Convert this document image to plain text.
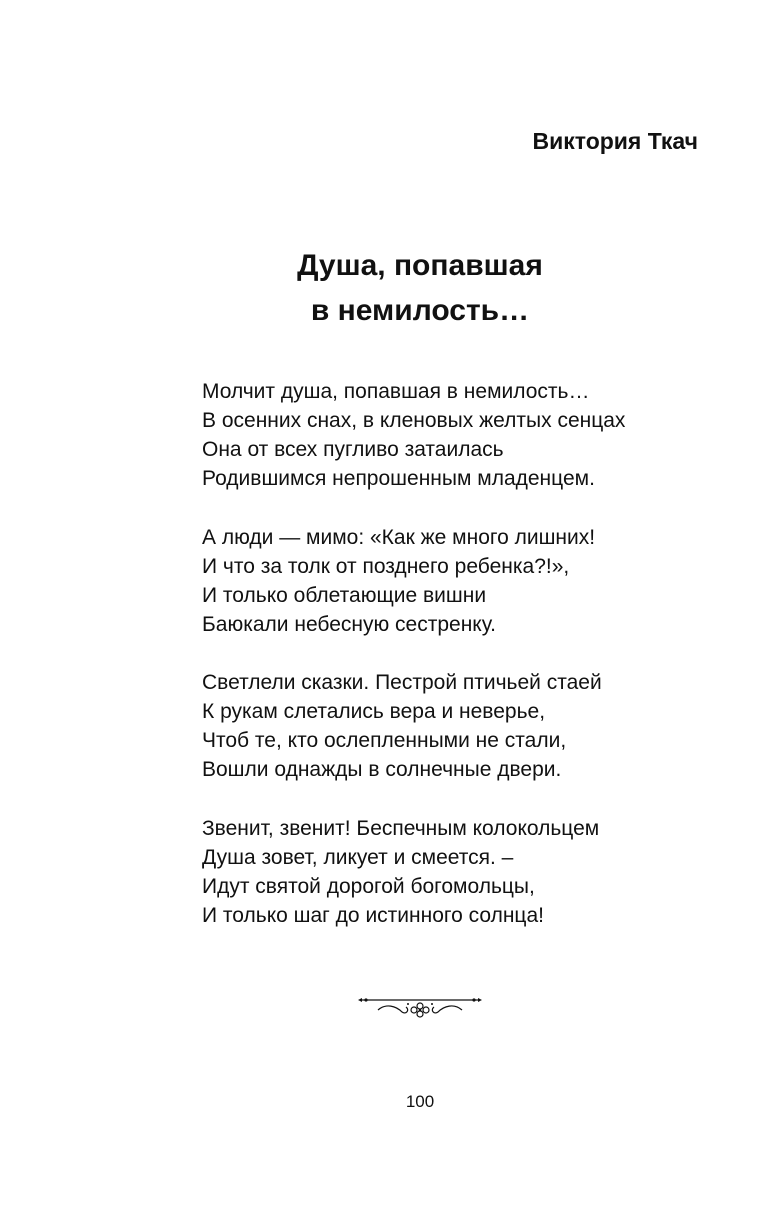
Виктория Ткач
Душа, попавшая
в немилость…
Молчит душа, попавшая в немилость…
В осенних снах, в кленовых желтых сенцах
Она от всех пугливо затаилась
Родившимся непрошенным младенцем.
А люди — мимо: «Как же много лишних!
И что за толк от позднего ребенка?!»,
И только облетающие вишни
Баюкали небесную сестренку.
Светлели сказки. Пестрой птичьей стаей
К рукам слетались вера и неверье,
Чтоб те, кто ослепленными не стали,
Вошли однажды в солнечные двери.
Звенит, звенит! Беспечным колокольцем
Душа зовет, ликует и смеется. –
Идут святой дорогой богомольцы,
И только шаг до истинного солнца!
100
